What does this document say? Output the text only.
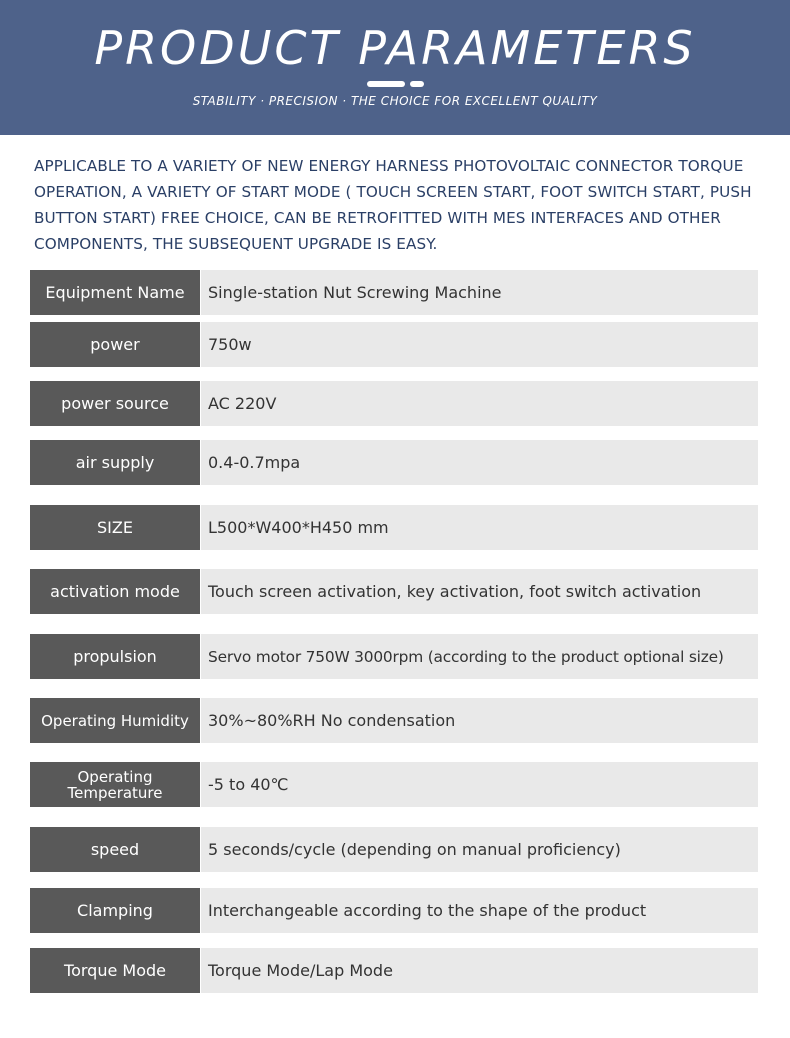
PRODUCT PARAMETERS
STABILITY · PRECISION · THE CHOICE FOR EXCELLENT QUALITY
APPLICABLE TO A VARIETY OF NEW ENERGY HARNESS PHOTOVOLTAIC CONNECTOR TORQUE OPERATION, A VARIETY OF START MODE ( TOUCH SCREEN START, FOOT SWITCH START, PUSH BUTTON START) FREE CHOICE, CAN BE RETROFITTED WITH MES INTERFACES AND OTHER COMPONENTS, THE SUBSEQUENT UPGRADE IS EASY.
Equipment Name	Single-station Nut Screwing Machine
power	750w
power source	AC 220V
air supply	0.4-0.7mpa
SIZE	L500*W400*H450 mm
activation mode	Touch screen activation, key activation, foot switch activation
propulsion	Servo motor 750W 3000rpm (according to the product optional size)
Operating Humidity	30%~80%RH No condensation
Operating Temperature	-5 to 40℃
speed	5 seconds/cycle (depending on manual proficiency)
Clamping	Interchangeable according to the shape of the product
Torque Mode	Torque Mode/Lap Mode
